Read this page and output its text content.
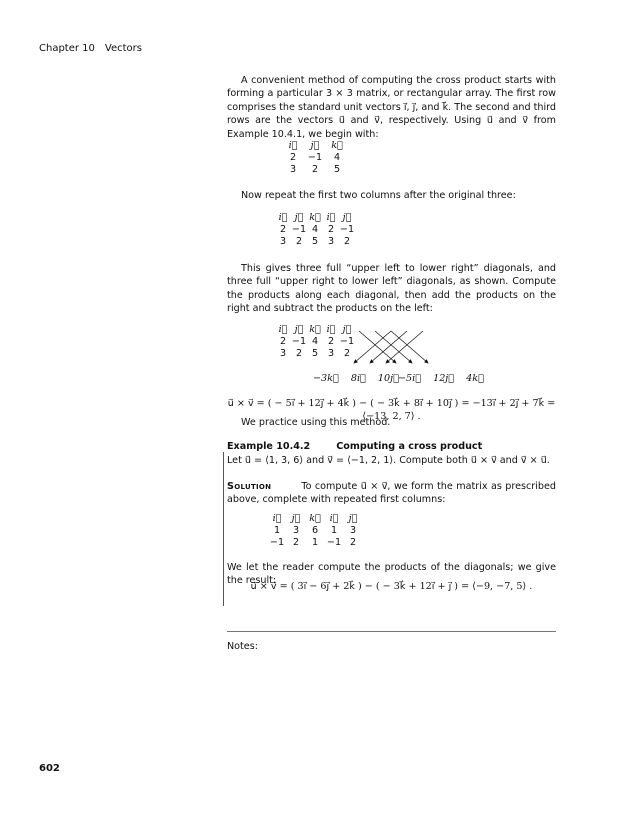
Chapter 10 Vectors
A convenient method of computing the cross product starts with forming a particular 3 × 3 matrix, or rectangular array. The first row comprises the standard unit vectors i⃗, j⃗, and k⃗. The second and third rows are the vectors u⃗ and v⃗, respectively. Using u⃗ and v⃗ from Example 10.4.1, we begin with:
i⃗	j⃗	k⃗
2	−1	4
3	2	5
Now repeat the first two columns after the original three:
i⃗	j⃗	k⃗	i⃗	j⃗
2	−1	4	2	−1
3	2	5	3	2
This gives three full “upper left to lower right” diagonals, and three full “upper right to lower left” diagonals, as shown. Compute the products along each diagonal, then add the products on the right and subtract the products on the left:
i⃗	j⃗	k⃗	i⃗	j⃗
2	−1	4	2	−1
3	2	5	3	2
−3k⃗ 8i⃗ 10j⃗ −5i⃗ 12j⃗ 4k⃗
u⃗ × v⃗ = ( − 5i⃗ + 12j⃗ + 4k⃗ ) − ( − 3k⃗ + 8i⃗ + 10j⃗ ) = −13i⃗ + 2j⃗ + 7k⃗ = ⟨−13, 2, 7⟩ .
We practice using this method.
Example 10.4.2	Computing a cross product
Let u⃗ = ⟨1, 3, 6⟩ and v⃗ = ⟨−1, 2, 1⟩. Compute both u⃗ × v⃗ and v⃗ × u⃗.
Solution	To compute u⃗ × v⃗, we form the matrix as prescribed above, complete with repeated first columns:
i⃗	j⃗	k⃗	i⃗	j⃗
1	3	6	1	3
−1	2	1	−1	2
We let the reader compute the products of the diagonals; we give the result:
u⃗ × v⃗ = ( 3i⃗ − 6j⃗ + 2k⃗ ) − ( − 3k⃗ + 12i⃗ + j⃗ ) = ⟨−9, −7, 5⟩ .
Notes:
602
